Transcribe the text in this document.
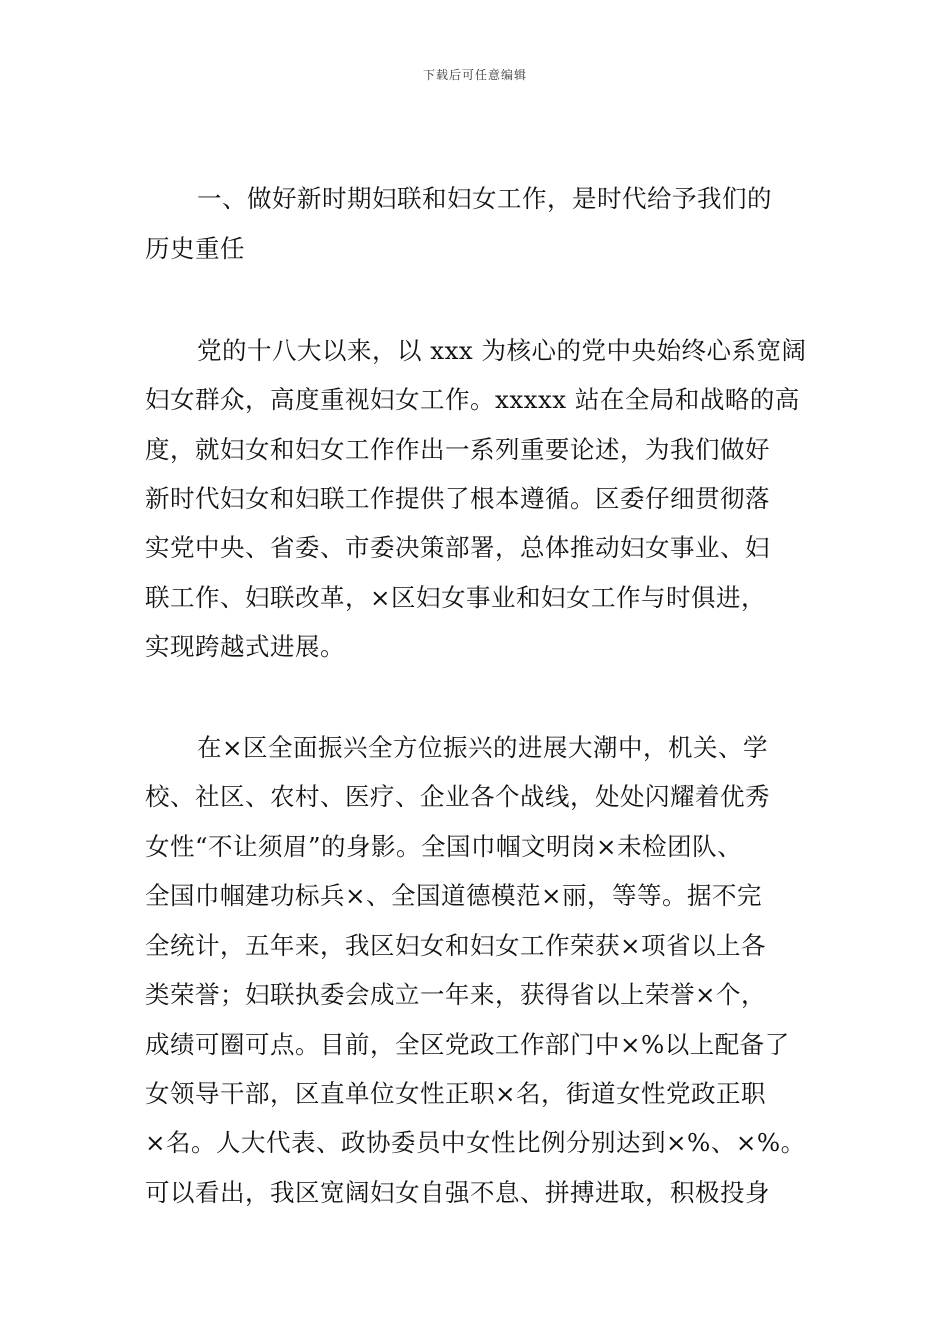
下载后可任意编辑
一、做好新时期妇联和妇女工作，是时代给予我们的
历史重任
党的十八大以来，以 xxx 为核心的党中央始终心系宽阔
妇女群众，高度重视妇女工作。xxxxx 站在全局和战略的高
度，就妇女和妇女工作作出一系列重要论述，为我们做好
新时代妇女和妇联工作提供了根本遵循。区委仔细贯彻落
实党中央、省委、市委决策部署，总体推动妇女事业、妇
联工作、妇联改革，×区妇女事业和妇女工作与时俱进，
实现跨越式进展。
在×区全面振兴全方位振兴的进展大潮中，机关、学
校、社区、农村、医疗、企业各个战线，处处闪耀着优秀
女性“不让须眉”的身影。全国巾帼文明岗×未检团队、
全国巾帼建功标兵×、全国道德模范×丽，等等。据不完
全统计，五年来，我区妇女和妇女工作荣获×项省以上各
类荣誉；妇联执委会成立一年来，获得省以上荣誉×个，
成绩可圈可点。目前，全区党政工作部门中×%以上配备了
女领导干部，区直单位女性正职×名，街道女性党政正职
×名。人大代表、政协委员中女性比例分别达到×%、×%。
可以看出，我区宽阔妇女自强不息、拼搏进取，积极投身
